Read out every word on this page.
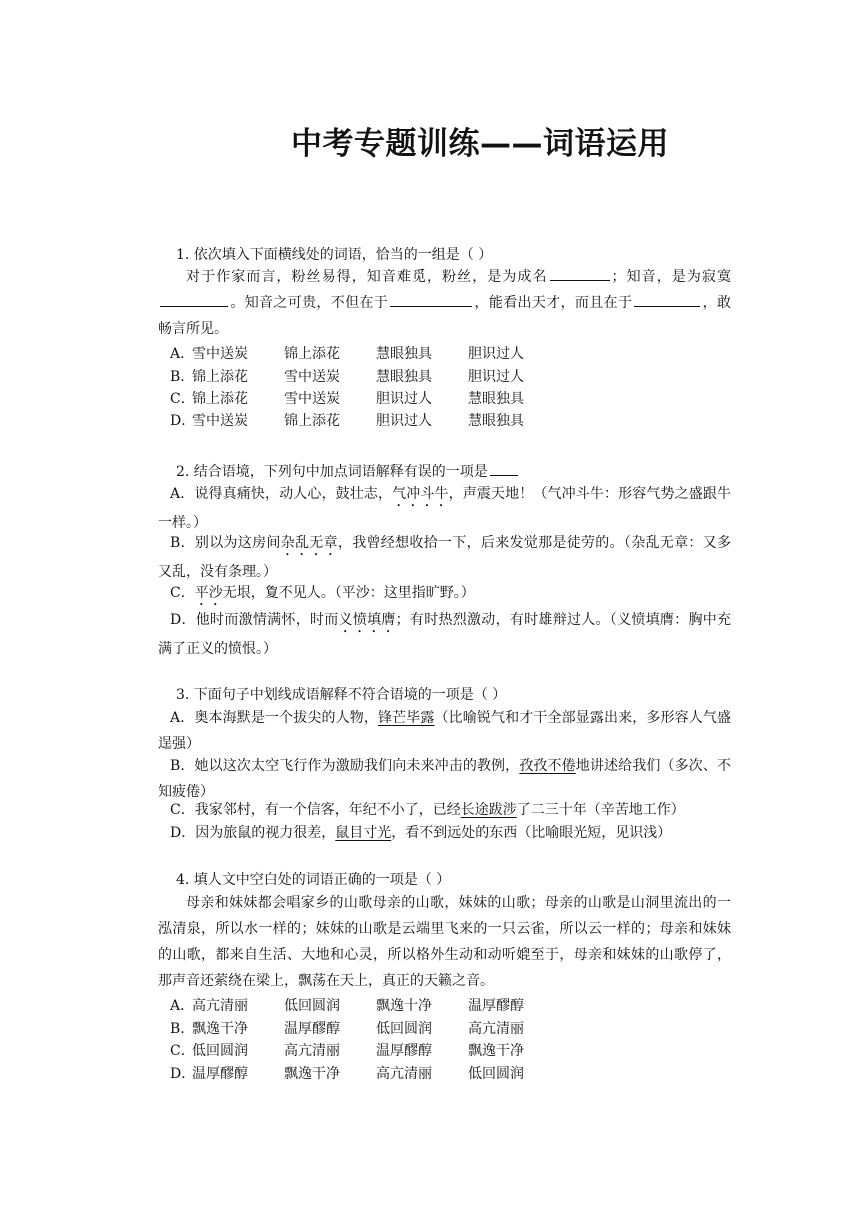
中考专题训练——词语运用
1. 依次填入下面横线处的词语，恰当的一组是（ ）
对于作家而言，粉丝易得，知音难觅，粉丝，是为成名	；知音，是为寂寞。知音之可贵，不但在于	，能看出天才，而且在于	，敢畅言所见。
A．雪中送炭	锦上添花	慧眼独具	胆识过人
B．锦上添花	雪中送炭	慧眼独具	胆识过人
C．锦上添花	雪中送炭	胆识过人	慧眼独具
D．雪中送炭	锦上添花	胆识过人	慧眼独具
2. 结合语境，下列句中加点词语解释有误的一项是
A．说得真痛快，动人心，鼓壮志，气冲斗牛，声震天地！（气冲斗牛：形容气势之盛跟牛一样。）
B．别以为这房间杂乱无章，我曾经想收拾一下，后来发觉那是徒劳的。（杂乱无章：又多又乱，没有条理。）
C．平沙无垠，夐不见人。（平沙：这里指旷野。）
D．他时而激情满怀，时而义愤填膺；有时热烈激动，有时雄辩过人。（义愤填膺：胸中充满了正义的愤恨。）
3. 下面句子中划线成语解释不符合语境的一项是（ ）
A．奥本海默是一个拔尖的人物，锋芒毕露（比喻锐气和才干全部显露出来，多形容人气盛逞强）
B．她以这次太空飞行作为激励我们向未来冲击的教例，孜孜不倦地讲述给我们（多次、不知疲倦）
C．我家邻村，有一个信客，年纪不小了，已经长途跋涉了二三十年（辛苦地工作）
D．因为旅鼠的视力很差，鼠目寸光，看不到远处的东西（比喻眼光短，见识浅）
4. 填人文中空白处的词语正确的一项是（ ）
母亲和妹妹都会唱家乡的山歌母亲的山歌，妹妹的山歌；母亲的山歌是山洞里流出的一泓清泉，所以水一样的；妹妹的山歌是云端里飞来的一只云雀，所以云一样的；母亲和妹妹的山歌，都来自生活、大地和心灵，所以格外生动和动听媲至于，母亲和妹妹的山歌停了，那声音还萦绕在梁上，飘荡在天上，真正的天籁之音。
A．高亢清丽	低回圆润	飘逸十净	温厚醪醇
B．飘逸干净	温厚醪醇	低回圆润	高亢清丽
C．低回圆润	高亢清丽	温厚醪醇	飘逸干净
D．温厚醪醇	飘逸干净	高亢清丽	低回圆润
